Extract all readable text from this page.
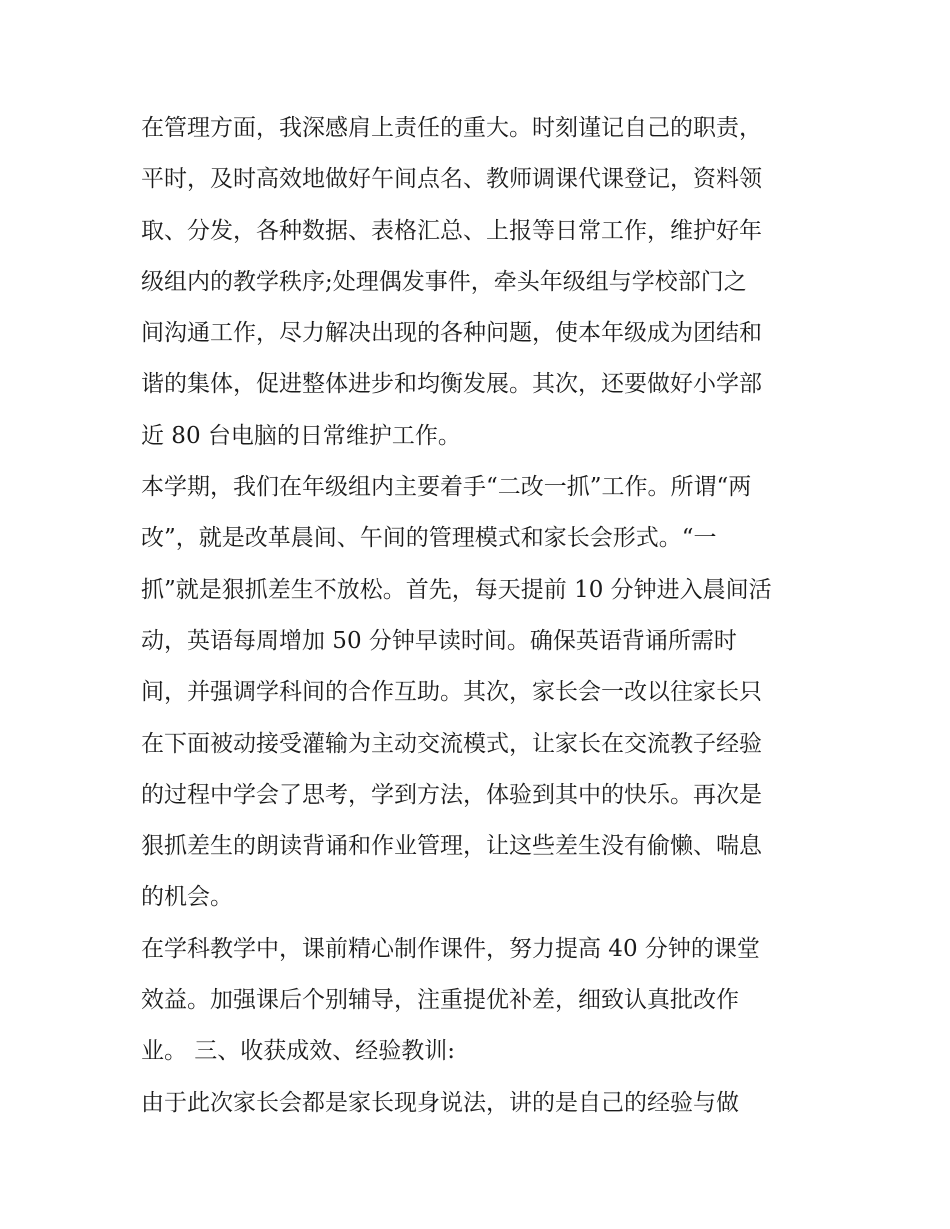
在管理方面，我深感肩上责任的重大。时刻谨记自己的职责，
平时，及时高效地做好午间点名、教师调课代课登记，资料领
取、分发，各种数据、表格汇总、上报等日常工作，维护好年
级组内的教学秩序;处理偶发事件，牵头年级组与学校部门之
间沟通工作，尽力解决出现的各种问题，使本年级成为团结和
谐的集体，促进整体进步和均衡发展。其次，还要做好小学部
近 80 台电脑的日常维护工作。
本学期，我们在年级组内主要着手“二改一抓”工作。所谓“两
改”，就是改革晨间、午间的管理模式和家长会形式。“一
抓”就是狠抓差生不放松。首先，每天提前 10 分钟进入晨间活
动，英语每周增加 50 分钟早读时间。确保英语背诵所需时
间，并强调学科间的合作互助。其次，家长会一改以往家长只
在下面被动接受灌输为主动交流模式，让家长在交流教子经验
的过程中学会了思考，学到方法，体验到其中的快乐。再次是
狠抓差生的朗读背诵和作业管理，让这些差生没有偷懒、喘息
的机会。
在学科教学中，课前精心制作课件，努力提高 40 分钟的课堂
效益。加强课后个别辅导，注重提优补差，细致认真批改作
业。 三、收获成效、经验教训:
由于此次家长会都是家长现身说法，讲的是自己的经验与做
